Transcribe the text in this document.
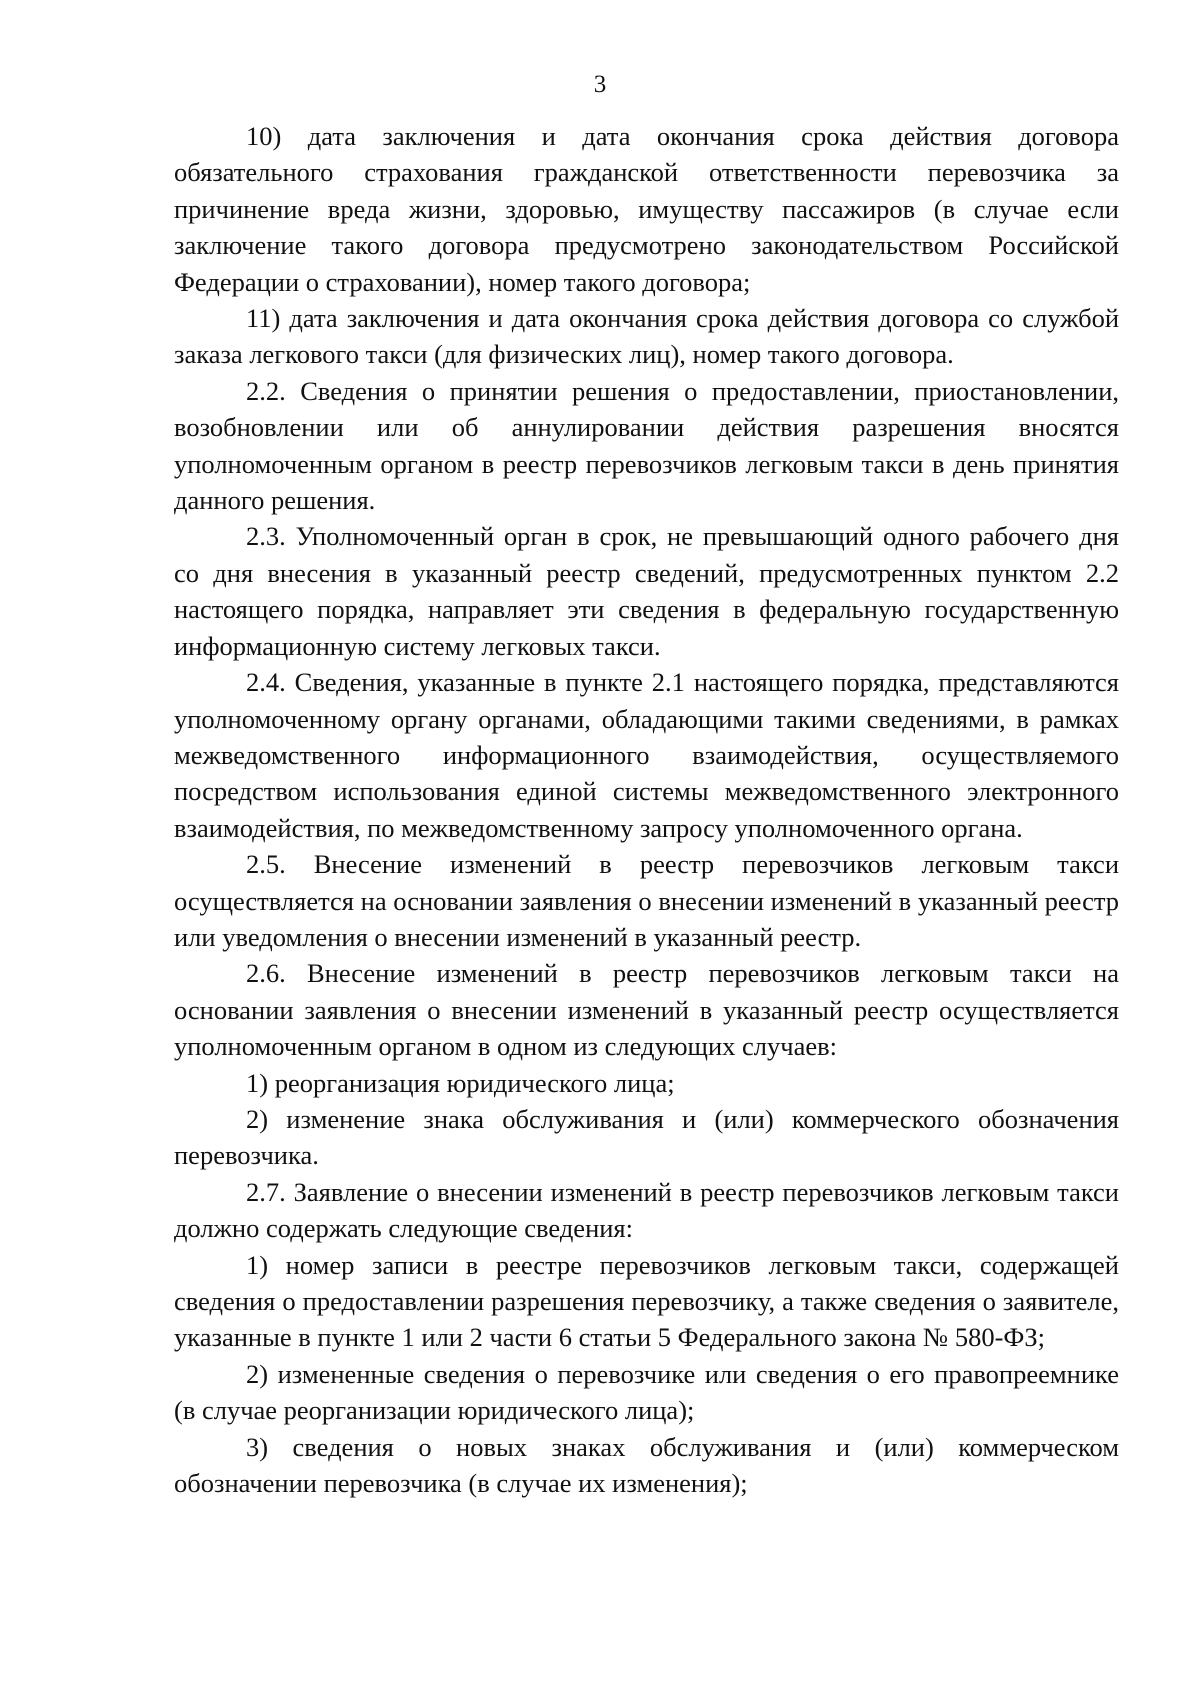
3

10) дата заключения и дата окончания срока действия договора обязательного страхования гражданской ответственности перевозчика за причинение вреда жизни, здоровью, имуществу пассажиров (в случае если заключение такого договора предусмотрено законодательством Российской Федерации о страховании), номер такого договора;

11) дата заключения и дата окончания срока действия договора со службой заказа легкового такси (для физических лиц), номер такого договора.

2.2. Сведения о принятии решения о предоставлении, приостановлении, возобновлении или об аннулировании действия разрешения вносятся уполномоченным органом в реестр перевозчиков легковым такси в день принятия данного решения.

2.3. Уполномоченный орган в срок, не превышающий одного рабочего дня со дня внесения в указанный реестр сведений, предусмотренных пунктом 2.2 настоящего порядка, направляет эти сведения в федеральную государственную информационную систему легковых такси.

2.4. Сведения, указанные в пункте 2.1 настоящего порядка, представляются уполномоченному органу органами, обладающими такими сведениями, в рамках межведомственного информационного взаимодействия, осуществляемого посредством использования единой системы межведомственного электронного взаимодействия, по межведомственному запросу уполномоченного органа.

2.5. Внесение изменений в реестр перевозчиков легковым такси осуществляется на основании заявления о внесении изменений в указанный реестр или уведомления о внесении изменений в указанный реестр.

2.6. Внесение изменений в реестр перевозчиков легковым такси на основании заявления о внесении изменений в указанный реестр осуществляется уполномоченным органом в одном из следующих случаев:

1) реорганизация юридического лица;

2) изменение знака обслуживания и (или) коммерческого обозначения перевозчика.

2.7. Заявление о внесении изменений в реестр перевозчиков легковым такси должно содержать следующие сведения:

1) номер записи в реестре перевозчиков легковым такси, содержащей сведения о предоставлении разрешения перевозчику, а также сведения о заявителе, указанные в пункте 1 или 2 части 6 статьи 5 Федерального закона № 580-ФЗ;

2) измененные сведения о перевозчике или сведения о его правопреемнике (в случае реорганизации юридического лица);

3) сведения о новых знаках обслуживания и (или) коммерческом обозначении перевозчика (в случае их изменения);
